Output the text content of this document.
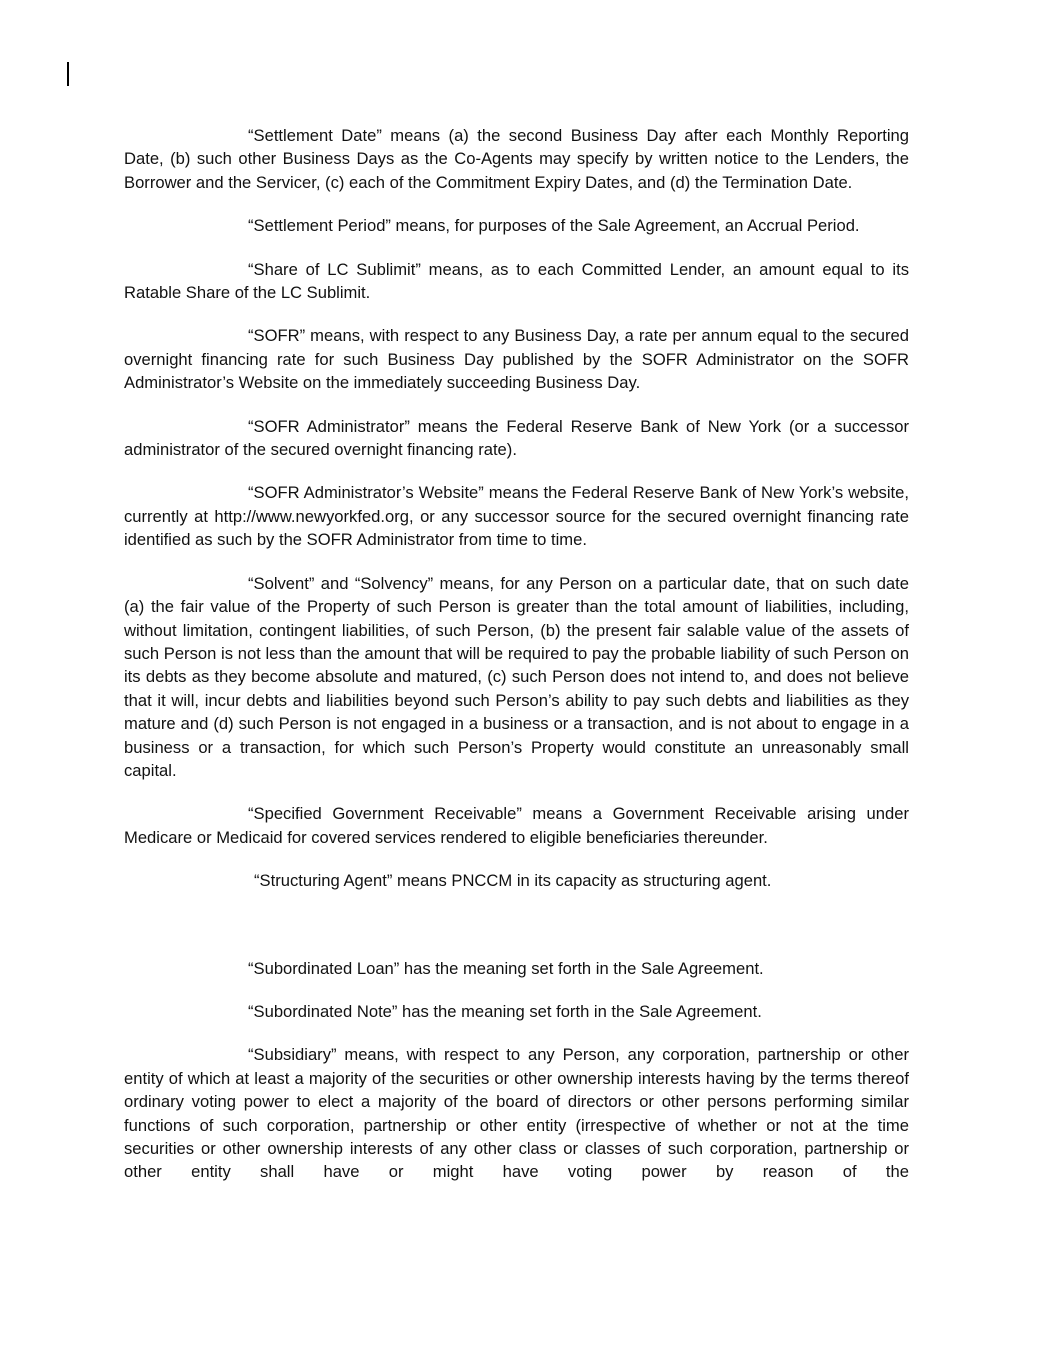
“Settlement Date” means (a) the second Business Day after each Monthly Reporting Date, (b) such other Business Days as the Co-Agents may specify by written notice to the Lenders, the Borrower and the Servicer, (c) each of the Commitment Expiry Dates, and (d) the Termination Date.

“Settlement Period” means, for purposes of the Sale Agreement, an Accrual Period.

“Share of LC Sublimit” means, as to each Committed Lender, an amount equal to its Ratable Share of the LC Sublimit.

“SOFR” means, with respect to any Business Day, a rate per annum equal to the secured overnight financing rate for such Business Day published by the SOFR Administrator on the SOFR Administrator’s Website on the immediately succeeding Business Day.

“SOFR Administrator” means the Federal Reserve Bank of New York (or a successor administrator of the secured overnight financing rate).

“SOFR Administrator’s Website” means the Federal Reserve Bank of New York’s website, currently at http://www.newyorkfed.org, or any successor source for the secured overnight financing rate identified as such by the SOFR Administrator from time to time.

“Solvent” and “Solvency” means, for any Person on a particular date, that on such date (a) the fair value of the Property of such Person is greater than the total amount of liabilities, including, without limitation, contingent liabilities, of such Person, (b) the present fair salable value of the assets of such Person is not less than the amount that will be required to pay the probable liability of such Person on its debts as they become absolute and matured, (c) such Person does not intend to, and does not believe that it will, incur debts and liabilities beyond such Person’s ability to pay such debts and liabilities as they mature and (d) such Person is not engaged in a business or a transaction, and is not about to engage in a business or a transaction, for which such Person’s Property would constitute an unreasonably small capital.

“Specified Government Receivable” means a Government Receivable arising under Medicare or Medicaid for covered services rendered to eligible beneficiaries thereunder.

“Structuring Agent” means PNCCM in its capacity as structuring agent.

“Subordinated Loan” has the meaning set forth in the Sale Agreement.

“Subordinated Note” has the meaning set forth in the Sale Agreement.

“Subsidiary” means, with respect to any Person, any corporation, partnership or other entity of which at least a majority of the securities or other ownership interests having by the terms thereof ordinary voting power to elect a majority of the board of directors or other persons performing similar functions of such corporation, partnership or other entity (irrespective of whether or not at the time securities or other ownership interests of any other class or classes of such corporation, partnership or other entity shall have or might have voting power by reason of the
